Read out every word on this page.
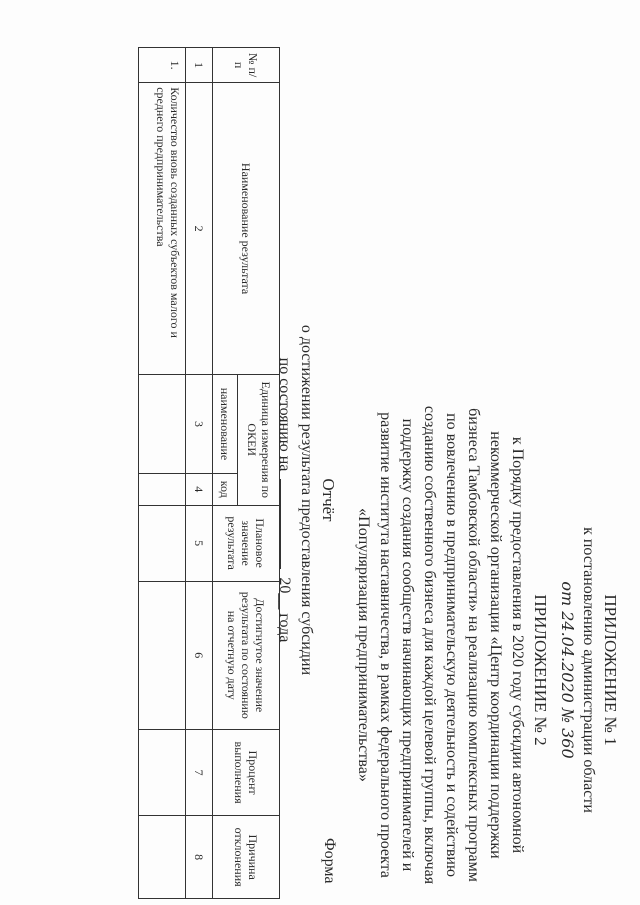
ПРИЛОЖЕНИЕ № 1
к постановлению администрации области
от 24.04.2020 № 360
ПРИЛОЖЕНИЕ № 2
к Порядку предоставления в 2020 году субсидии автономной
некоммерческой организации «Центр координации поддержки
бизнеса Тамбовской области» на реализацию комплексных программ
по вовлечению в предпринимательскую деятельность и содействию
созданию собственного бизнеса для каждой целевой группы, включая
поддержку создания сообществ начинающих предпринимателей и
развитие института наставничества, в рамках федерального проекта
«Популяризация предпринимательства»
Форма
Отчёт
о достижении результата предоставления субсидии
по состоянию на  20__ года
№ п/п	Наименование результата	Единица измерения по ОКЕИ		Плановое значение результата	Достигнутое значение результата по состоянию на отчетную дату	Процент выполнения	Причина отклонения
		наименование	код				
1	2	3	4	5	6	7	8
1.	Количество вновь созданных субъектов малого и среднего предпринимательства						
